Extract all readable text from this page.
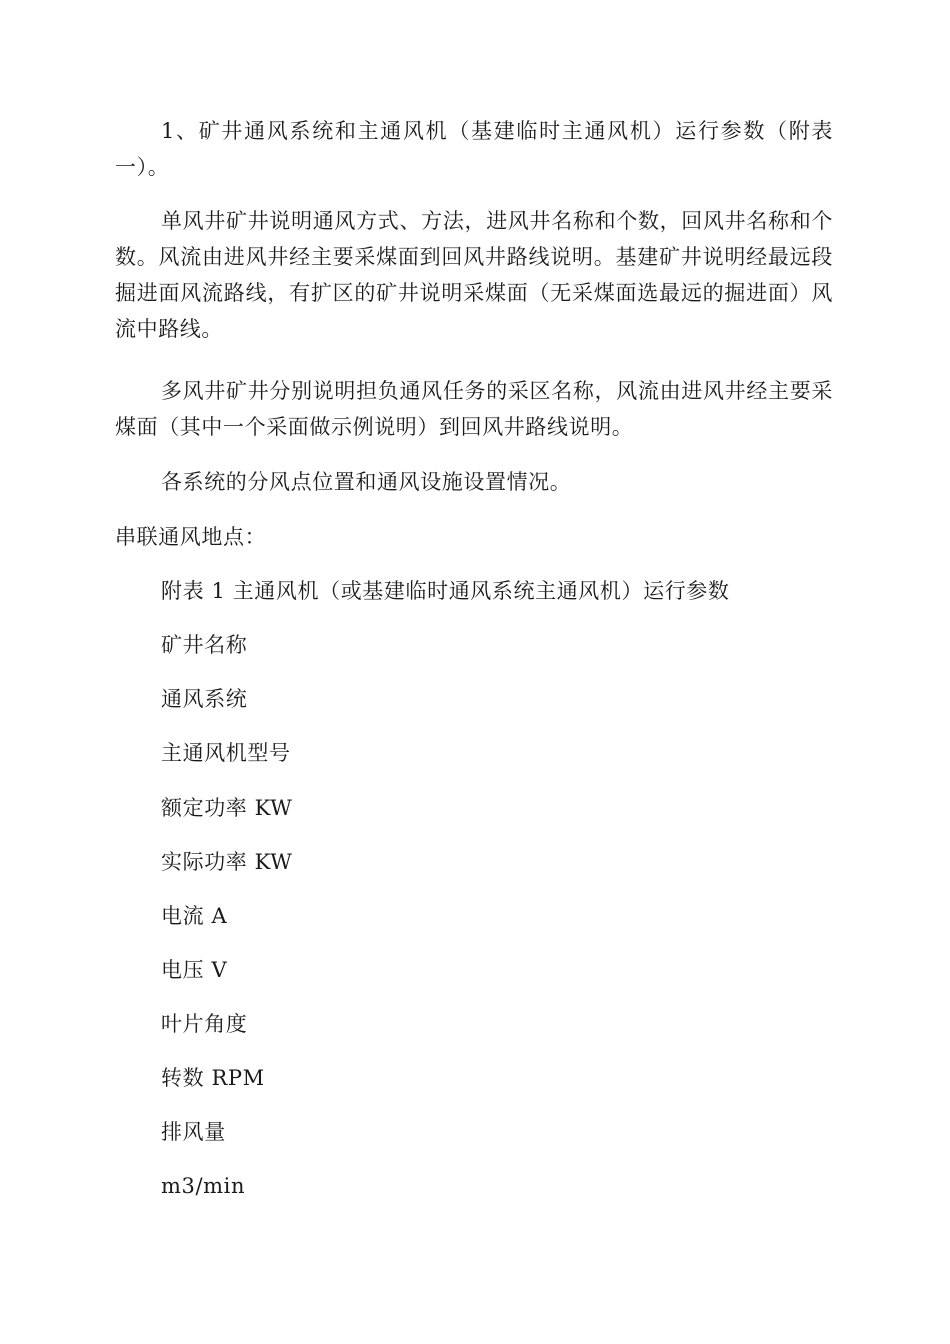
1、矿井通风系统和主通风机（基建临时主通风机）运行参数（附表一）。

单风井矿井说明通风方式、方法，进风井名称和个数，回风井名称和个数。风流由进风井经主要采煤面到回风井路线说明。基建矿井说明经最远段掘进面风流路线，有扩区的矿井说明采煤面（无采煤面选最远的掘进面）风流中路线。

多风井矿井分别说明担负通风任务的采区名称，风流由进风井经主要采煤面（其中一个采面做示例说明）到回风井路线说明。

各系统的分风点位置和通风设施设置情况。

串联通风地点：

附表 1 主通风机（或基建临时通风系统主通风机）运行参数

矿井名称

通风系统

主通风机型号

额定功率 KW

实际功率 KW

电流 A

电压 V

叶片角度

转数 RPM

排风量

m3/min
